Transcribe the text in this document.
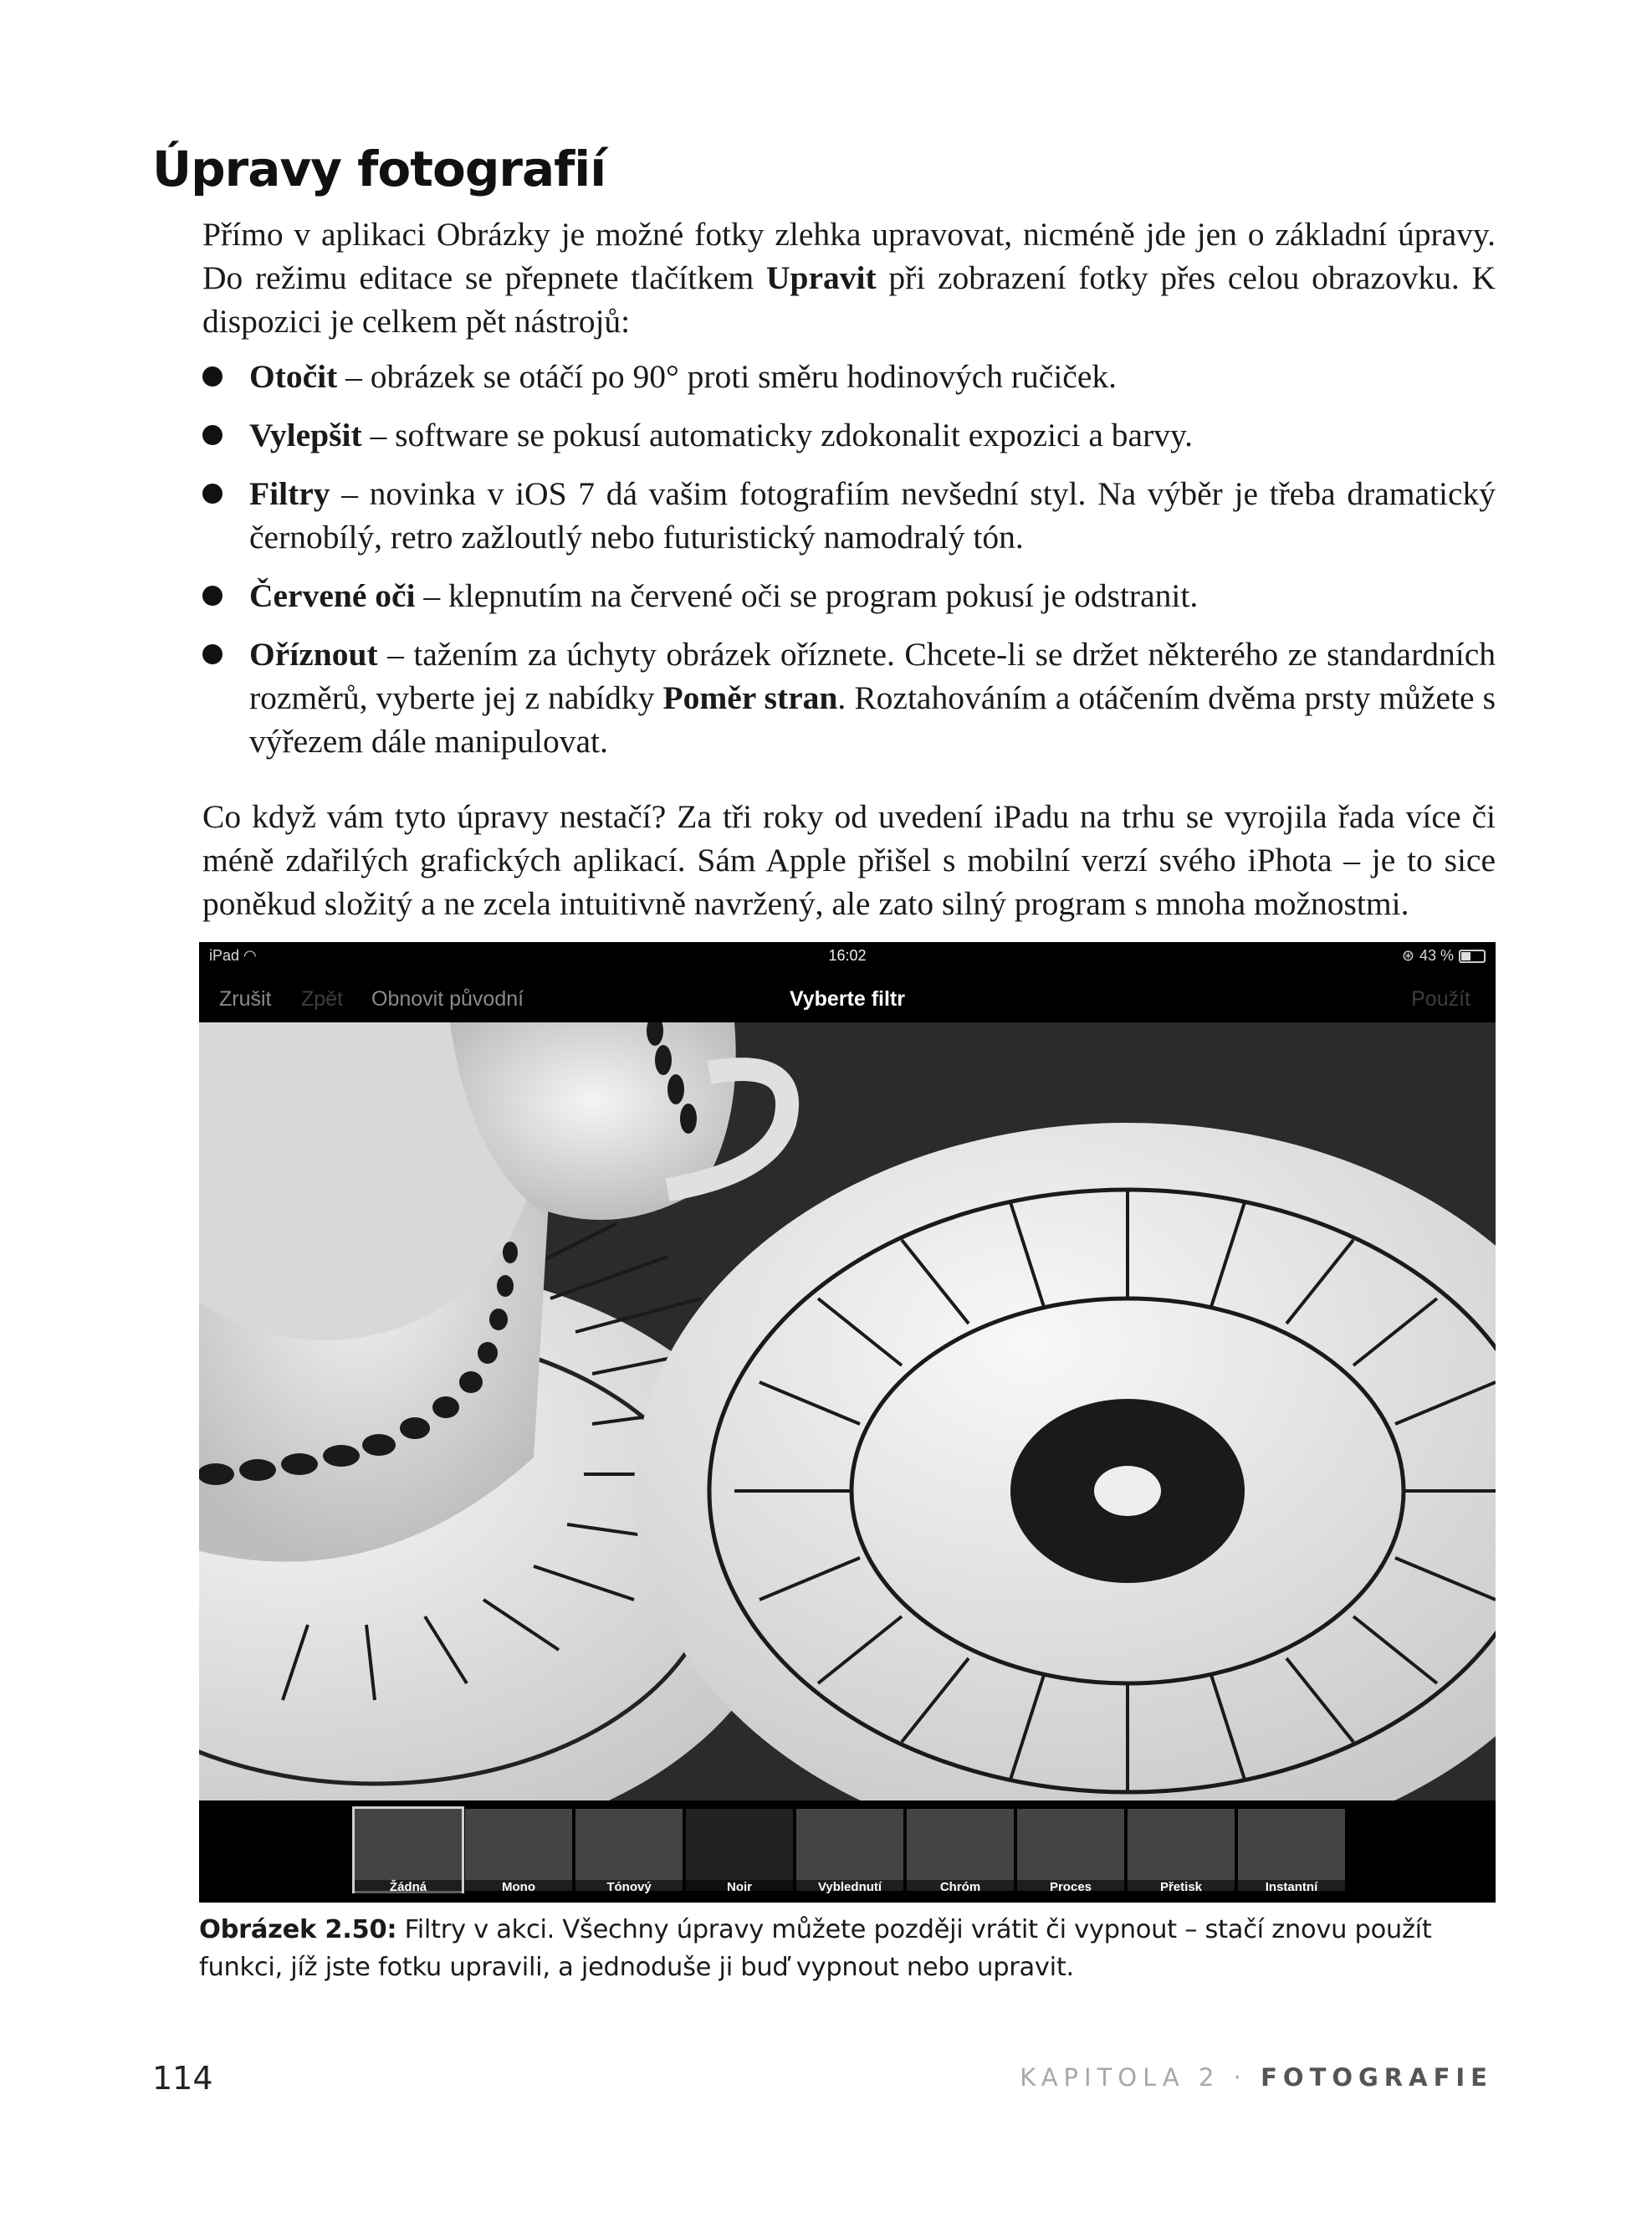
Úpravy fotografií

Přímo v aplikaci Obrázky je možné fotky zlehka upravovat, nicméně jde jen o základní úpravy. Do režimu editace se přepnete tlačítkem Upravit při zobrazení fotky přes celou obrazovku. K dispozici je celkem pět nástrojů:

Otočit – obrázek se otáčí po 90° proti směru hodinových ručiček.
Vylepšit – software se pokusí automaticky zdokonalit expozici a barvy.
Filtry – novinka v iOS 7 dá vašim fotografiím nevšední styl. Na výběr je třeba dramatický černobílý, retro zažloutlý nebo futuristický namodralý tón.
Červené oči – klepnutím na červené oči se program pokusí je odstranit.
Oříznout – tažením za úchyty obrázek oříznete. Chcete-li se držet některého ze standardních rozměrů, vyberte jej z nabídky Poměr stran. Roztahováním a otáčením dvěma prsty můžete s výřezem dále manipulovat.

Co když vám tyto úpravy nestačí? Za tři roky od uvedení iPadu na trhu se vyrojila řada více či méně zdařilých grafických aplikací. Sám Apple přišel s mobilní verzí svého iPhota – je to sice poněkud složitý a ne zcela intuitivně navržený, ale zato silný program s mnoha možnostmi.

iPad ◠	16:02	⊛ 43 %
Zrušit Zpět Obnovit původní	Vyberte filtr	Použít
Žádná	Mono	Tónový	Noir	Vyblednutí	Chróm	Proces	Přetisk	Instantní

Obrázek 2.50: Filtry v akci. Všechny úpravy můžete později vrátit či vypnout – stačí znovu použít funkci, jíž jste fotku upravili, a jednoduše ji buď vypnout nebo upravit.

114	KAPITOLA 2 · FOTOGRAFIE
